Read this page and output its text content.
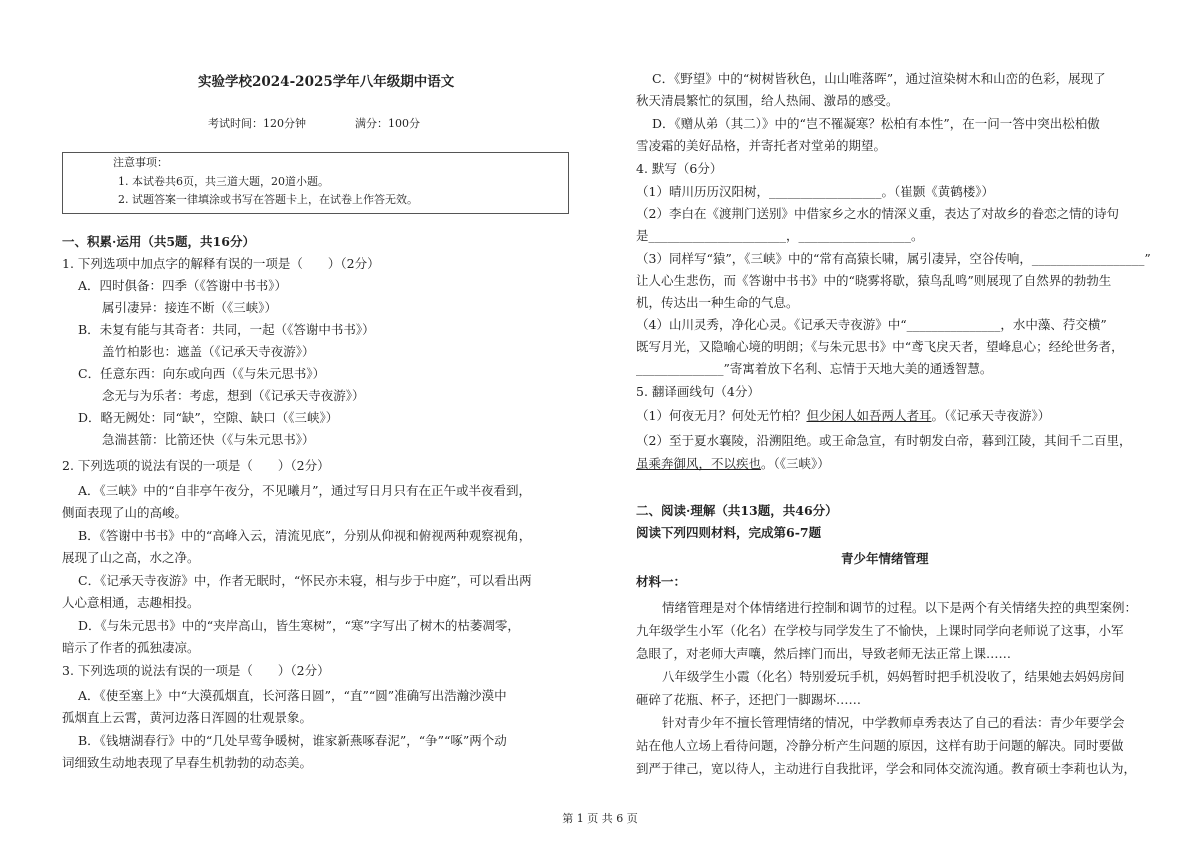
实验学校2024-2025学年八年级期中语文
考试时间：120分钟	满分：100分
注意事项：
1. 本试卷共6页，共三道大题，20道小题。
2. 试题答案一律填涂或书写在答题卡上，在试卷上作答无效。
一、积累·运用（共5题，共16分）
1. 下列选项中加点字的解释有误的一项是（　　）（2分）
A．四时俱备：四季（《答谢中书书》）
属引凄异：接连不断（《三峡》）
B．未复有能与其奇者：共同，一起（《答谢中书书》）
盖竹柏影也：遮盖（《记承天寺夜游》）
C．任意东西：向东或向西（《与朱元思书》）
念无与为乐者：考虑，想到（《记承天寺夜游》）
D．略无阙处：同“缺”，空隙、缺口（《三峡》）
急湍甚箭：比箭还快（《与朱元思书》）
2. 下列选项的说法有误的一项是（　　）（2分）
A．《三峡》中的“自非亭午夜分，不见曦月”，通过写日月只有在正午或半夜看到，
侧面表现了山的高峻。
B．《答谢中书书》中的“高峰入云，清流见底”，分别从仰视和俯视两种观察视角，
展现了山之高，水之净。
C．《记承天寺夜游》中，作者无眠时，“怀民亦未寝，相与步于中庭”，可以看出两
人心意相通，志趣相投。
D．《与朱元思书》中的“夹岸高山，皆生寒树”，“寒”字写出了树木的枯萎凋零，
暗示了作者的孤独凄凉。
3. 下列选项的说法有误的一项是（　　）（2分）
A．《使至塞上》中“大漠孤烟直，长河落日圆”，“直”“圆”准确写出浩瀚沙漠中
孤烟直上云霄，黄河边落日浑圆的壮观景象。
B．《钱塘湖春行》中的“几处早莺争暖树，谁家新燕啄春泥”，“争”“啄”两个动
词细致生动地表现了早春生机勃勃的动态美。
C．《野望》中的“树树皆秋色，山山唯落晖”，通过渲染树木和山峦的色彩，展现了
秋天清晨繁忙的氛围，给人热闹、激昂的感受。
D．《赠从弟（其二）》中的“岂不罹凝寒？松柏有本性”，在一问一答中突出松柏傲
雪凌霜的美好品格，并寄托者对堂弟的期望。
4. 默写（6分）
（1）晴川历历汉阳树，__________________。（崔颢《黄鹤楼》）
（2）李白在《渡荆门送别》中借家乡之水的情深义重，表达了对故乡的眷恋之情的诗句
是______________________，__________________。
（3）同样写“猿”，《三峡》中的“常有高猿长啸，属引凄异，空谷传响，__________________”
让人心生悲伤，而《答谢中书书》中的“晓雾将歇，猿鸟乱鸣”则展现了自然界的勃勃生
机，传达出一种生命的气息。
（4）山川灵秀，净化心灵。《记承天寺夜游》中“_______________，水中藻、荇交横”
既写月光，又隐喻心境的明朗；《与朱元思书》中“鸢飞戾天者，望峰息心；经纶世务者，
______________”寄寓着放下名利、忘情于天地大美的通透智慧。
5. 翻译画线句（4分）
（1）何夜无月？何处无竹柏？但少闲人如吾两人者耳。（《记承天寺夜游》）
（2）至于夏水襄陵，沿溯阻绝。或王命急宣，有时朝发白帝，暮到江陵，其间千二百里，
虽乘奔御风，不以疾也。（《三峡》）
二、阅读·理解（共13题，共46分）
阅读下列四则材料，完成第6-7题
青少年情绪管理
材料一：
情绪管理是对个体情绪进行控制和调节的过程。以下是两个有关情绪失控的典型案例：
九年级学生小军（化名）在学校与同学发生了不愉快，上课时同学向老师说了这事，小军
急眼了，对老师大声嚷，然后摔门而出，导致老师无法正常上课……
八年级学生小霞（化名）特别爱玩手机，妈妈暂时把手机没收了，结果她去妈妈房间
砸碎了花瓶、杯子，还把门一脚踢坏……
针对青少年不擅长管理情绪的情况，中学教师卓秀表达了自己的看法：青少年要学会
站在他人立场上看待问题，冷静分析产生问题的原因，这样有助于问题的解决。同时要做
到严于律己，宽以待人，主动进行自我批评，学会和同体交流沟通。教育硕士李莉也认为，
第 1 页 共 6 页
